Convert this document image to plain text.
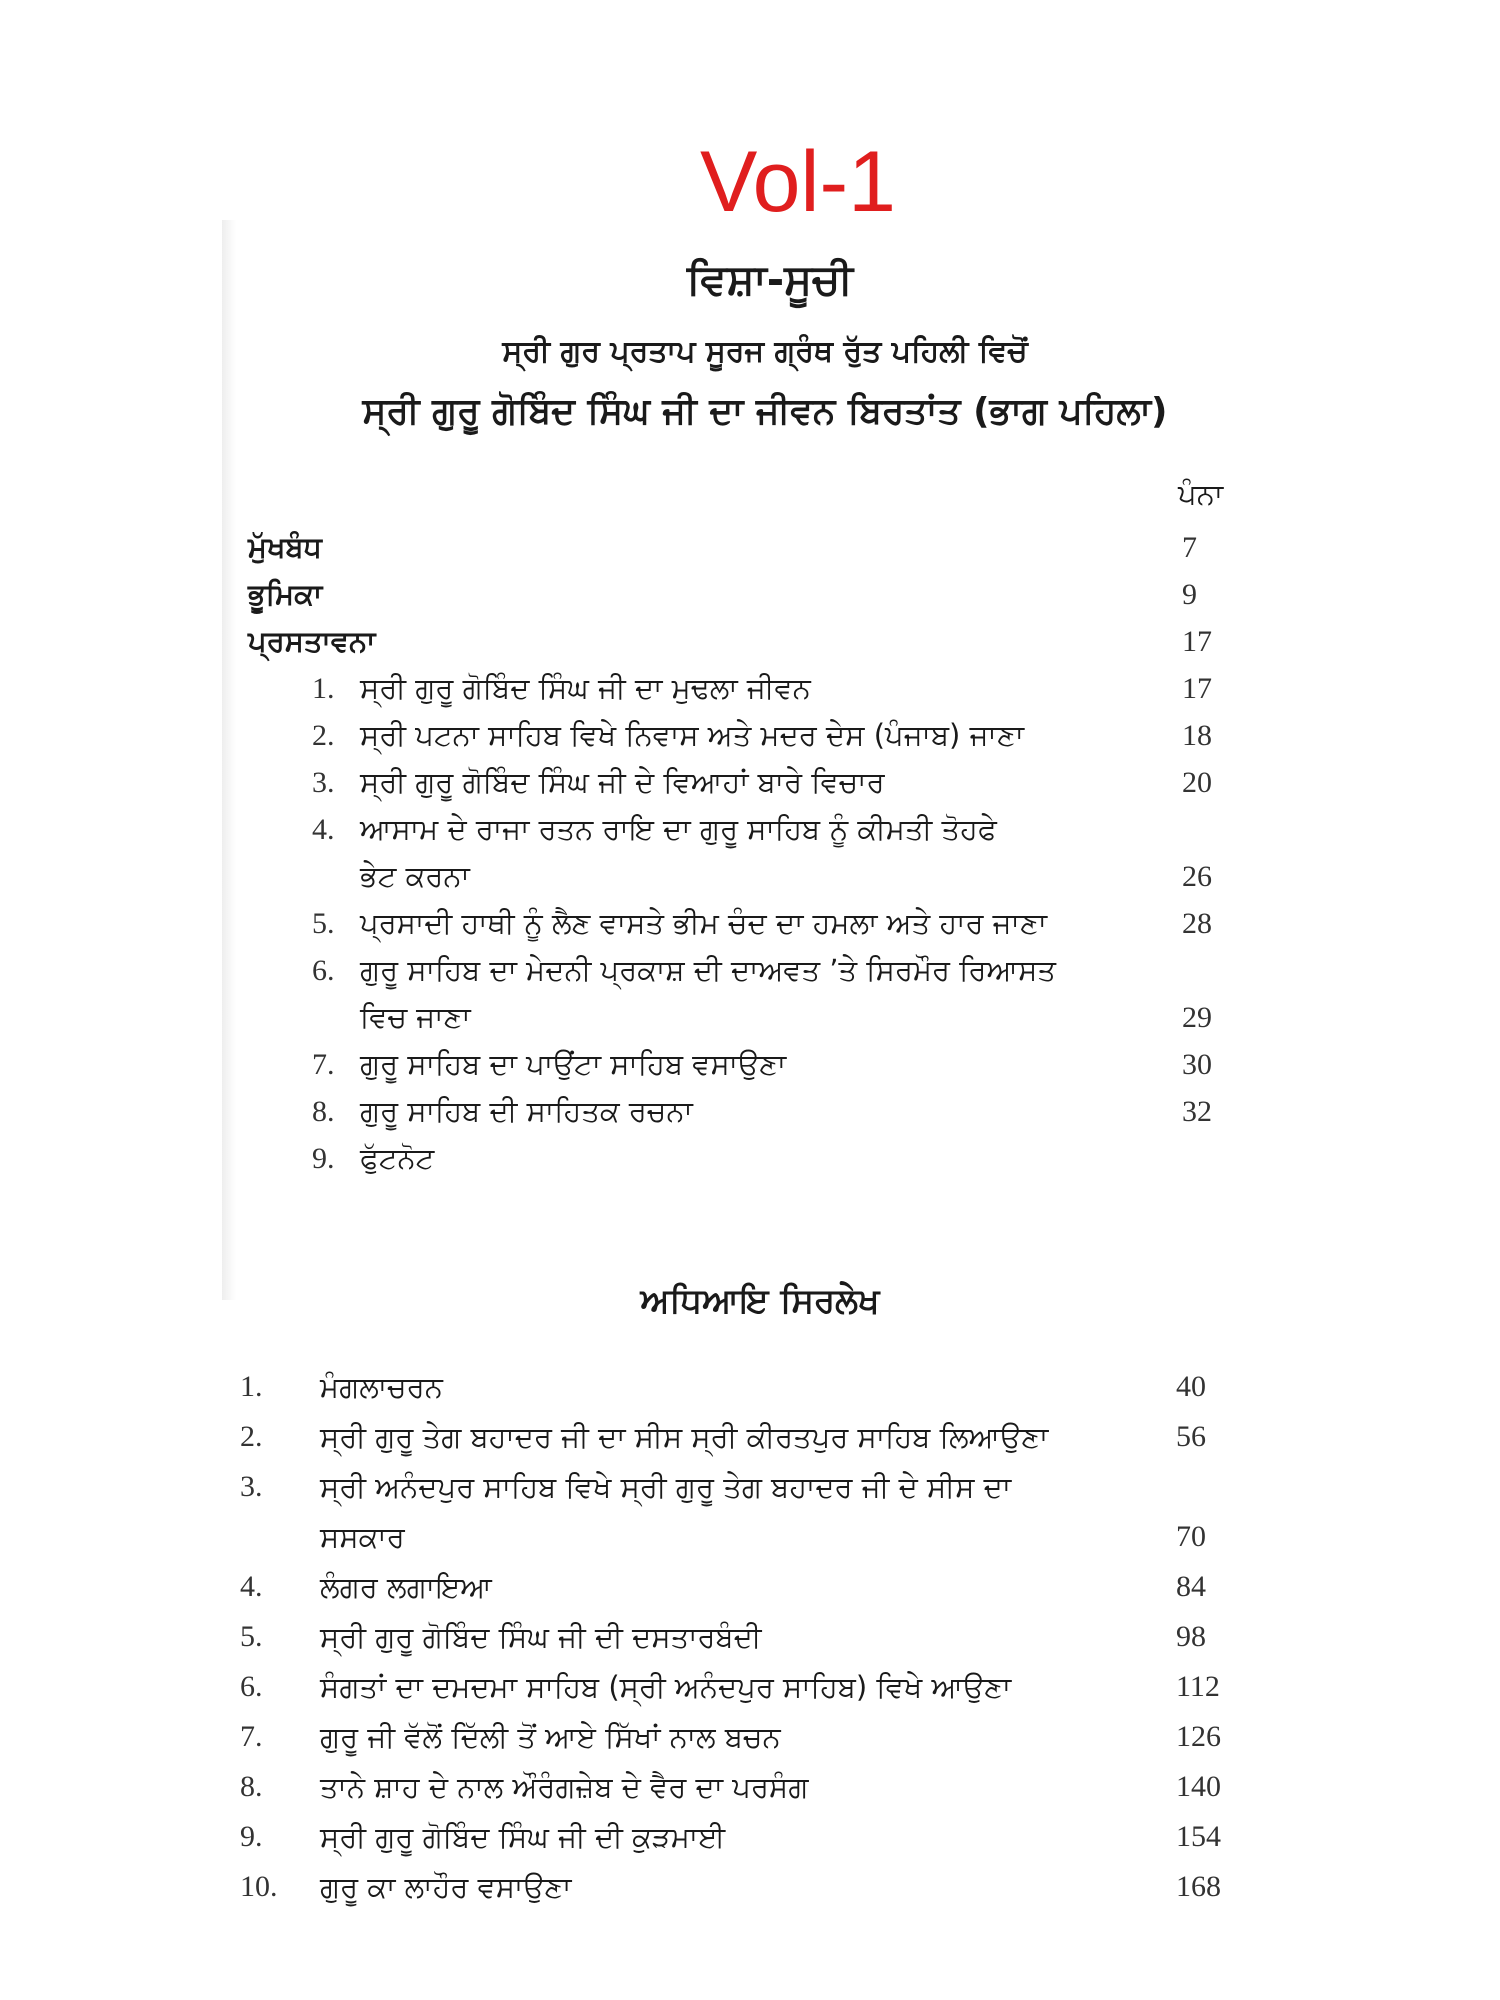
Vol-1
ਵਿਸ਼ਾ-ਸੂਚੀ
ਸ੍ਰੀ ਗੁਰ ਪ੍ਰਤਾਪ ਸੂਰਜ ਗ੍ਰੰਥ ਰੁੱਤ ਪਹਿਲੀ ਵਿਚੋਂ
ਸ੍ਰੀ ਗੁਰੂ ਗੋਬਿੰਦ ਸਿੰਘ ਜੀ ਦਾ ਜੀਵਨ ਬਿਰਤਾਂਤ (ਭਾਗ ਪਹਿਲਾ)
ਪੰਨਾ
ਮੁੱਖਬੰਧ	7
ਭੂਮਿਕਾ	9
ਪ੍ਰਸਤਾਵਨਾ	17
1. ਸ੍ਰੀ ਗੁਰੂ ਗੋਬਿੰਦ ਸਿੰਘ ਜੀ ਦਾ ਮੁਢਲਾ ਜੀਵਨ	17
2. ਸ੍ਰੀ ਪਟਨਾ ਸਾਹਿਬ ਵਿਖੇ ਨਿਵਾਸ ਅਤੇ ਮਦਰ ਦੇਸ (ਪੰਜਾਬ) ਜਾਣਾ	18
3. ਸ੍ਰੀ ਗੁਰੂ ਗੋਬਿੰਦ ਸਿੰਘ ਜੀ ਦੇ ਵਿਆਹਾਂ ਬਾਰੇ ਵਿਚਾਰ	20
4. ਆਸਾਮ ਦੇ ਰਾਜਾ ਰਤਨ ਰਾਇ ਦਾ ਗੁਰੂ ਸਾਹਿਬ ਨੂੰ ਕੀਮਤੀ ਤੋਹਫੇ ਭੇਟ ਕਰਨਾ	26
5. ਪ੍ਰਸਾਦੀ ਹਾਥੀ ਨੂੰ ਲੈਣ ਵਾਸਤੇ ਭੀਮ ਚੰਦ ਦਾ ਹਮਲਾ ਅਤੇ ਹਾਰ ਜਾਣਾ	28
6. ਗੁਰੂ ਸਾਹਿਬ ਦਾ ਮੇਦਨੀ ਪ੍ਰਕਾਸ਼ ਦੀ ਦਾਅਵਤ ’ਤੇ ਸਿਰਮੌਰ ਰਿਆਸਤ ਵਿਚ ਜਾਣਾ	29
7. ਗੁਰੂ ਸਾਹਿਬ ਦਾ ਪਾਉਂਟਾ ਸਾਹਿਬ ਵਸਾਉਣਾ	30
8. ਗੁਰੂ ਸਾਹਿਬ ਦੀ ਸਾਹਿਤਕ ਰਚਨਾ	32
9. ਫੁੱਟਨੋਟ
ਅਧਿਆਇ ਸਿਰਲੇਖ
1. ਮੰਗਲਾਚਰਨ	40
2. ਸ੍ਰੀ ਗੁਰੂ ਤੇਗ ਬਹਾਦਰ ਜੀ ਦਾ ਸੀਸ ਸ੍ਰੀ ਕੀਰਤਪੁਰ ਸਾਹਿਬ ਲਿਆਉਣਾ	56
3. ਸ੍ਰੀ ਅਨੰਦਪੁਰ ਸਾਹਿਬ ਵਿਖੇ ਸ੍ਰੀ ਗੁਰੂ ਤੇਗ ਬਹਾਦਰ ਜੀ ਦੇ ਸੀਸ ਦਾ ਸਸਕਾਰ	70
4. ਲੰਗਰ ਲਗਾਇਆ	84
5. ਸ੍ਰੀ ਗੁਰੂ ਗੋਬਿੰਦ ਸਿੰਘ ਜੀ ਦੀ ਦਸਤਾਰਬੰਦੀ	98
6. ਸੰਗਤਾਂ ਦਾ ਦਮਦਮਾ ਸਾਹਿਬ (ਸ੍ਰੀ ਅਨੰਦਪੁਰ ਸਾਹਿਬ) ਵਿਖੇ ਆਉਣਾ	112
7. ਗੁਰੂ ਜੀ ਵੱਲੋਂ ਦਿੱਲੀ ਤੋਂ ਆਏ ਸਿੱਖਾਂ ਨਾਲ ਬਚਨ	126
8. ਤਾਨੇ ਸ਼ਾਹ ਦੇ ਨਾਲ ਔਰੰਗਜ਼ੇਬ ਦੇ ਵੈਰ ਦਾ ਪਰਸੰਗ	140
9. ਸ੍ਰੀ ਗੁਰੂ ਗੋਬਿੰਦ ਸਿੰਘ ਜੀ ਦੀ ਕੁੜਮਾਈ	154
10. ਗੁਰੂ ਕਾ ਲਾਹੌਰ ਵਸਾਉਣਾ	168
